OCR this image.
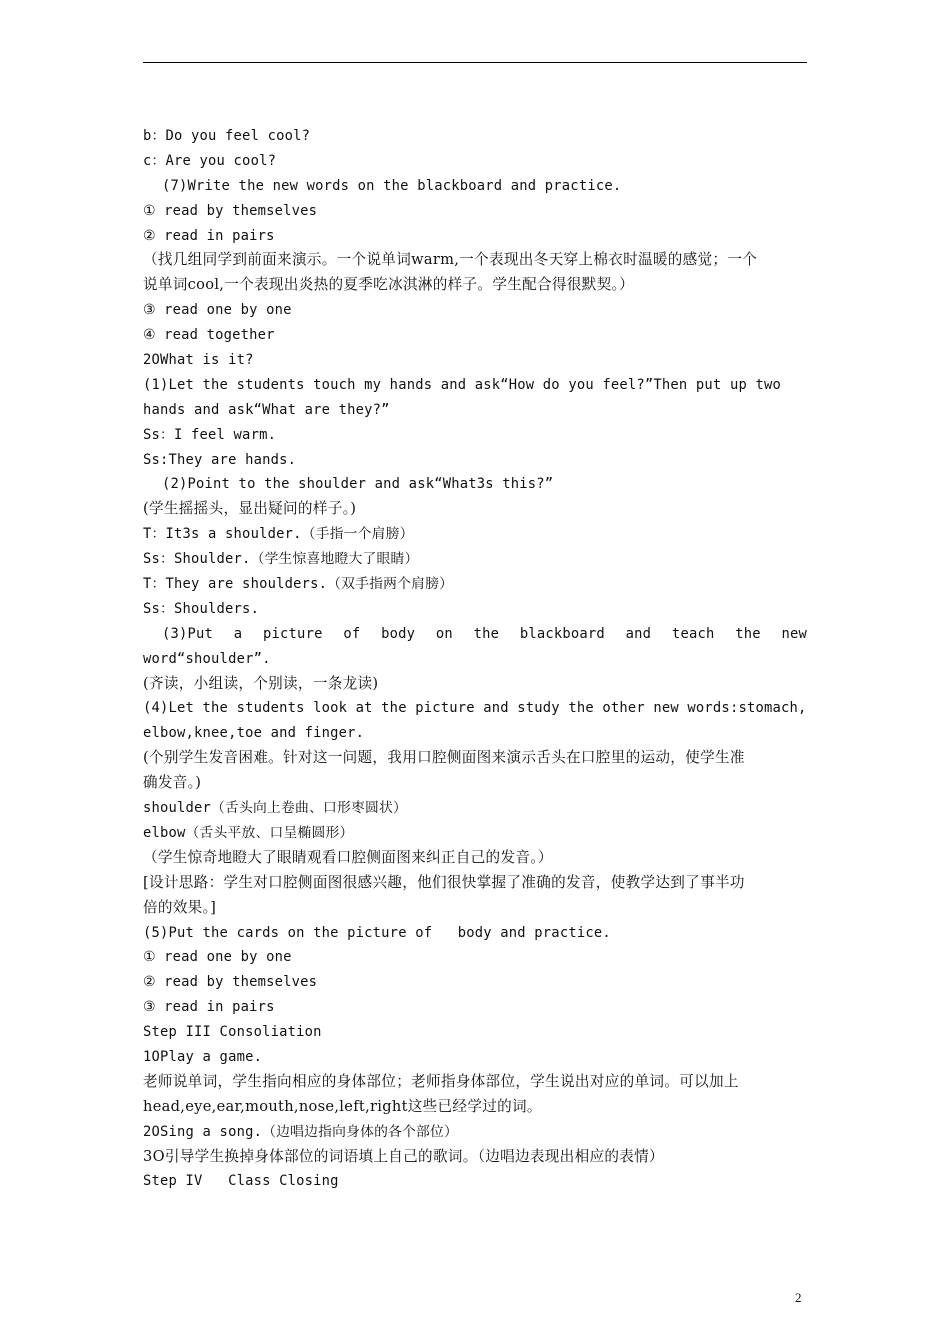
b：Do you feel cool?
c：Are you cool?
(7)Write the new words on the blackboard and practice.
① read by themselves
② read in pairs
（找几组同学到前面来演示。一个说单词warm,一个表现出冬天穿上棉衣时温暖的感觉；一个
说单词cool,一个表现出炎热的夏季吃冰淇淋的样子。学生配合得很默契。）
③ read one by one
④ read together
2OWhat is it?
(1)Let the students touch my hands and ask“How do you feel?”Then put up two
hands and ask“What are they?”
Ss：I feel warm.
Ss:They are hands.
(2)Point to the shoulder and ask“What3s this?”
(学生摇摇头，显出疑问的样子。)
T：It3s a shoulder.（手指一个肩膀）
Ss：Shoulder.（学生惊喜地瞪大了眼睛）
T：They are shoulders.（双手指两个肩膀）
Ss：Shoulders.
(3)Put a picture of body on the blackboard and teach the new
word“shoulder”.
(齐读，小组读，个别读，一条龙读)
(4)Let the students look at the picture and study the other new words:stomach,
elbow,knee,toe and finger.
(个别学生发音困难。针对这一问题，我用口腔侧面图来演示舌头在口腔里的运动，使学生准
确发音。)
shoulder（舌头向上卷曲、口形枣圆状）
elbow（舌头平放、口呈椭圆形）
（学生惊奇地瞪大了眼睛观看口腔侧面图来纠正自己的发音。）
[设计思路：学生对口腔侧面图很感兴趣，他们很快掌握了准确的发音，使教学达到了事半功
倍的效果。]
(5)Put the cards on the picture of   body and practice.
① read one by one
② read by themselves
③ read in pairs
Step III Consoliation
1OPlay a game.
老师说单词，学生指向相应的身体部位；老师指身体部位，学生说出对应的单词。可以加上
head,eye,ear,mouth,nose,left,right这些已经学过的词。
2OSing a song.（边唱边指向身体的各个部位）
3O引导学生换掉身体部位的词语填上自己的歌词。（边唱边表现出相应的表情）
Step IV   Class Closing
2
